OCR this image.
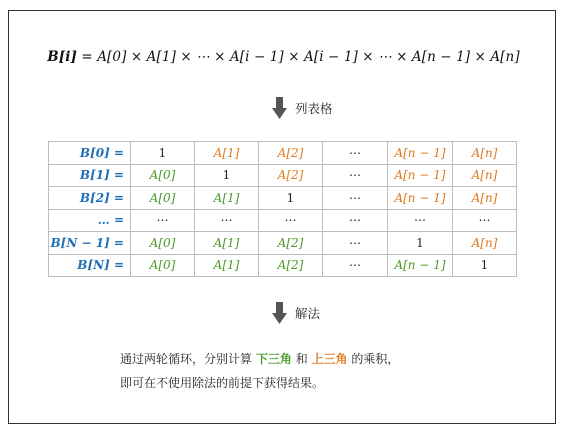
B[i] = A[0] × A[1] × ⋯ × A[i − 1] × A[i − 1] × ⋯ × A[n − 1] × A[n]
列表格
B[0] =	1	A[1]	A[2]	⋯	A[n − 1]	A[n]
B[1] =	A[0]	1	A[2]	⋯	A[n − 1]	A[n]
B[2] =	A[0]	A[1]	1	⋯	A[n − 1]	A[n]
… =	⋯	⋯	⋯	⋯	⋯	⋯
B[N − 1] =	A[0]	A[1]	A[2]	⋯	1	A[n]
B[N] =	A[0]	A[1]	A[2]	⋯	A[n − 1]	1
解法
通过两轮循环，分别计算 下三角 和 上三角 的乘积，
即可在不使用除法的前提下获得结果。
